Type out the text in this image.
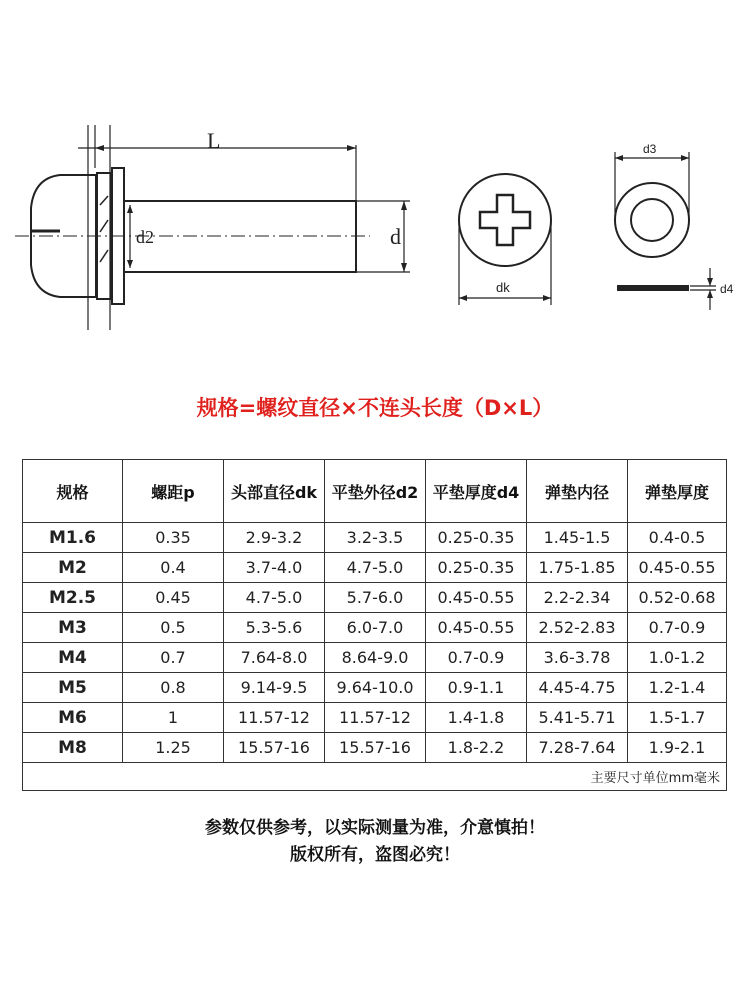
L
d2	d
dk
d3
d4
规格=螺纹直径×不连头长度（D×L）
规格	螺距p	头部直径dk	平垫外径d2	平垫厚度d4	弹垫内径	弹垫厚度
M1.6	0.35	2.9-3.2	3.2-3.5	0.25-0.35	1.45-1.5	0.4-0.5
M2	0.4	3.7-4.0	4.7-5.0	0.25-0.35	1.75-1.85	0.45-0.55
M2.5	0.45	4.7-5.0	5.7-6.0	0.45-0.55	2.2-2.34	0.52-0.68
M3	0.5	5.3-5.6	6.0-7.0	0.45-0.55	2.52-2.83	0.7-0.9
M4	0.7	7.64-8.0	8.64-9.0	0.7-0.9	3.6-3.78	1.0-1.2
M5	0.8	9.14-9.5	9.64-10.0	0.9-1.1	4.45-4.75	1.2-1.4
M6	1	11.57-12	11.57-12	1.4-1.8	5.41-5.71	1.5-1.7
M8	1.25	15.57-16	15.57-16	1.8-2.2	7.28-7.64	1.9-2.1
主要尺寸单位mm毫米						
参数仅供参考，以实际测量为准，介意慎拍！
版权所有，盗图必究！
